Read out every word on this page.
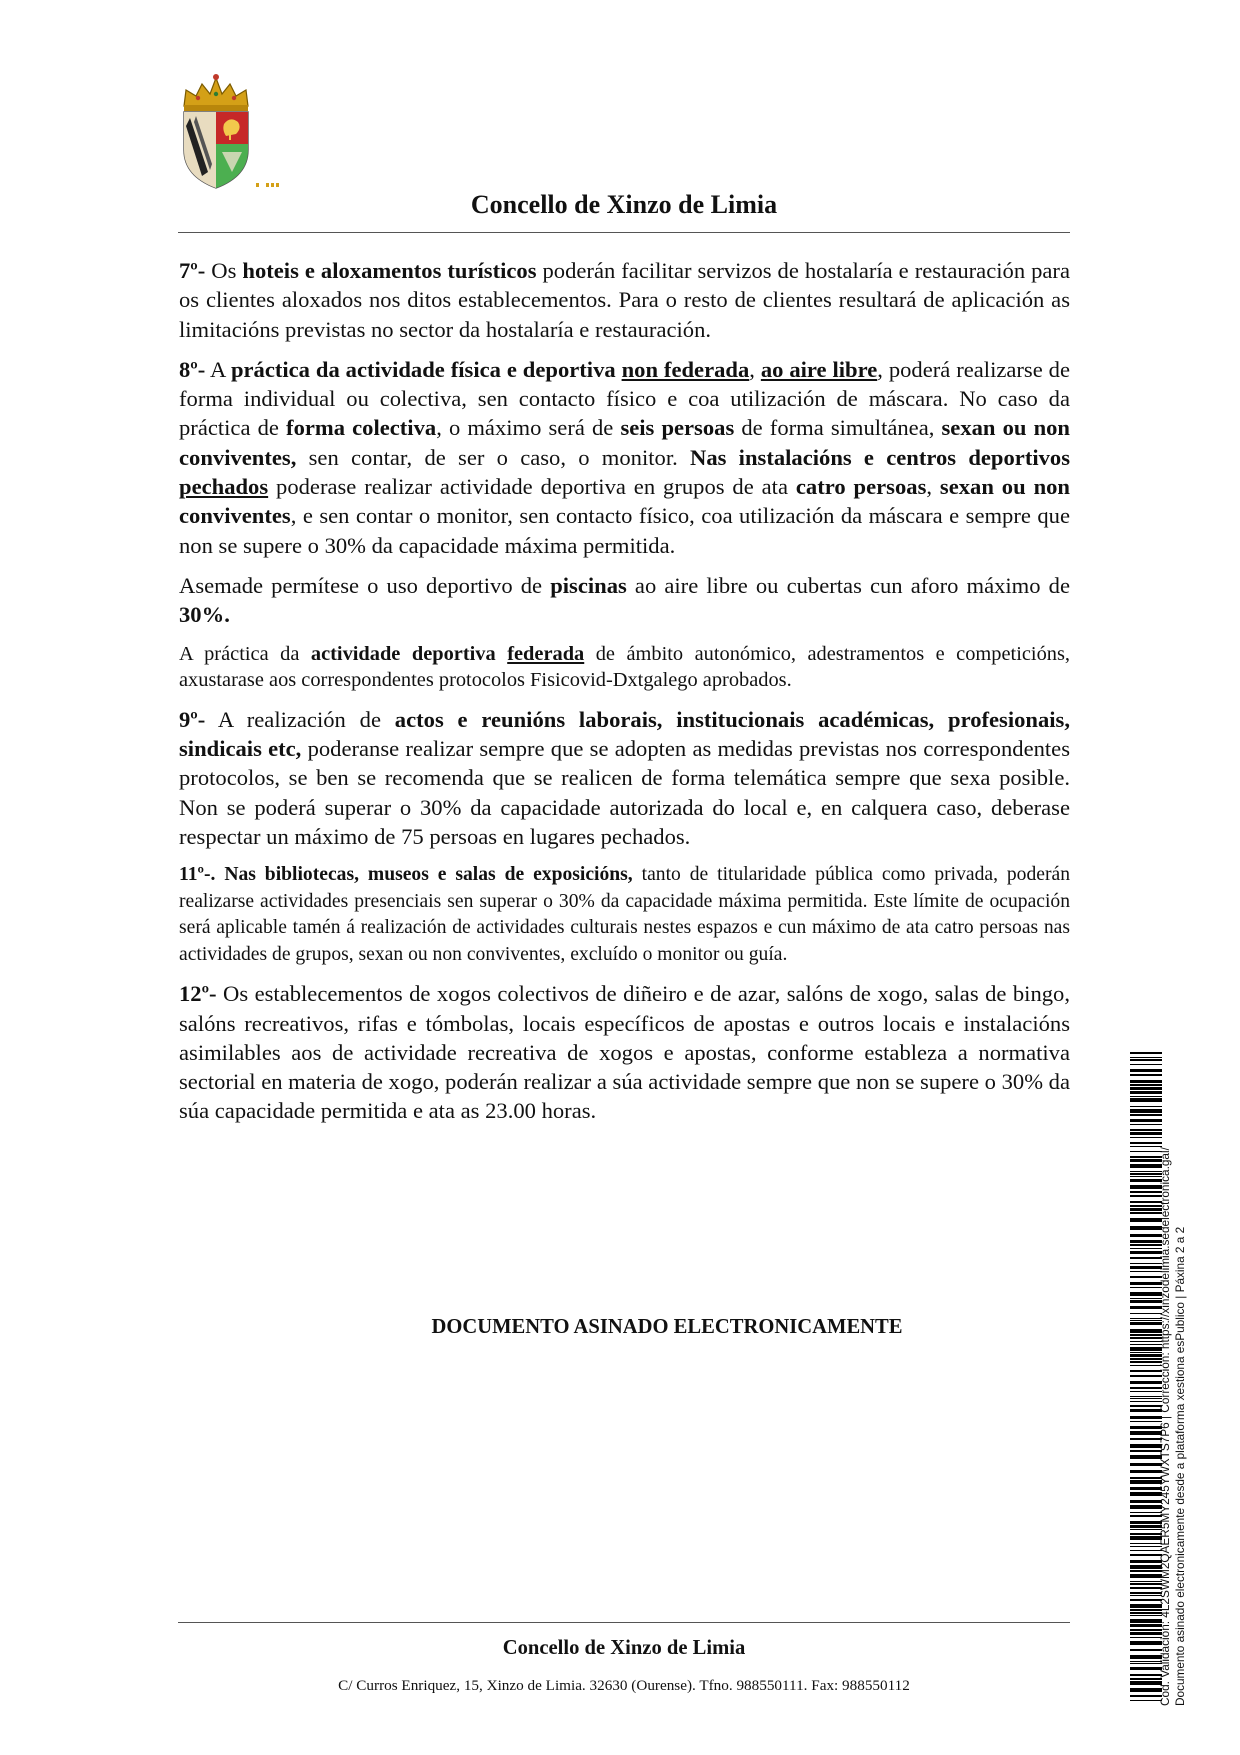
Concello de Xinzo de Limia

7º- Os hoteis e aloxamentos turísticos poderán facilitar servizos de hostalaría e restauración para os clientes aloxados nos ditos establecementos. Para o resto de clientes resultará de aplicación as limitacións previstas no sector da hostalaría e restauración.

8º- A práctica da actividade física e deportiva non federada, ao aire libre, poderá realizarse de forma individual ou colectiva, sen contacto físico e coa utilización de máscara. No caso da práctica de forma colectiva, o máximo será de seis persoas de forma simultánea, sexan ou non conviventes, sen contar, de ser o caso, o monitor. Nas instalacións e centros deportivos pechados poderase realizar actividade deportiva en grupos de ata catro persoas, sexan ou non conviventes, e sen contar o monitor, sen contacto físico, coa utilización da máscara e sempre que non se supere o 30% da capacidade máxima permitida.

Asemade permítese o uso deportivo de piscinas ao aire libre ou cubertas cun aforo máximo de 30%.

A práctica da actividade deportiva federada de ámbito autonómico, adestramentos e competicións, axustarase aos correspondentes protocolos Fisicovid-Dxtgalego aprobados.

9º- A realización de actos e reunións laborais, institucionais académicas, profesionais, sindicais etc, poderanse realizar sempre que se adopten as medidas previstas nos correspondentes protocolos, se ben se recomenda que se realicen de forma telemática sempre que sexa posible. Non se poderá superar o 30% da capacidade autorizada do local e, en calquera caso, deberase respectar un máximo de 75 persoas en lugares pechados.

11º-. Nas bibliotecas, museos e salas de exposicións, tanto de titularidade pública como privada, poderán realizarse actividades presenciais sen superar o 30% da capacidade máxima permitida. Este límite de ocupación será aplicable tamén á realización de actividades culturais nestes espazos e cun máximo de ata catro persoas nas actividades de grupos, sexan ou non conviventes, excluído o monitor ou guía.

12º- Os establecementos de xogos colectivos de diñeiro e de azar, salóns de xogo, salas de bingo, salóns recreativos, rifas e tómbolas, locais específicos de apostas e outros locais e instalacións asimilables aos de actividade recreativa de xogos e apostas, conforme estableza a normativa sectorial en materia de xogo, poderán realizar a súa actividade sempre que non se supere o 30% da súa capacidade permitida e ata as 23.00 horas.

DOCUMENTO ASINADO ELECTRONICAMENTE
Concello de Xinzo de Limia
C/ Curros Enriquez, 15, Xinzo de Limia. 32630 (Ourense). Tfno. 988550111. Fax: 988550112	Cod. Validación: 4L2SWM2QAER5MY245YWXTS7P6 | Corrección: https://xinzodelimia.sedelectronica.gal/ Documento asinado electronicamente desde a plataforma xestiona esPublico | Páxina 2 a 2
